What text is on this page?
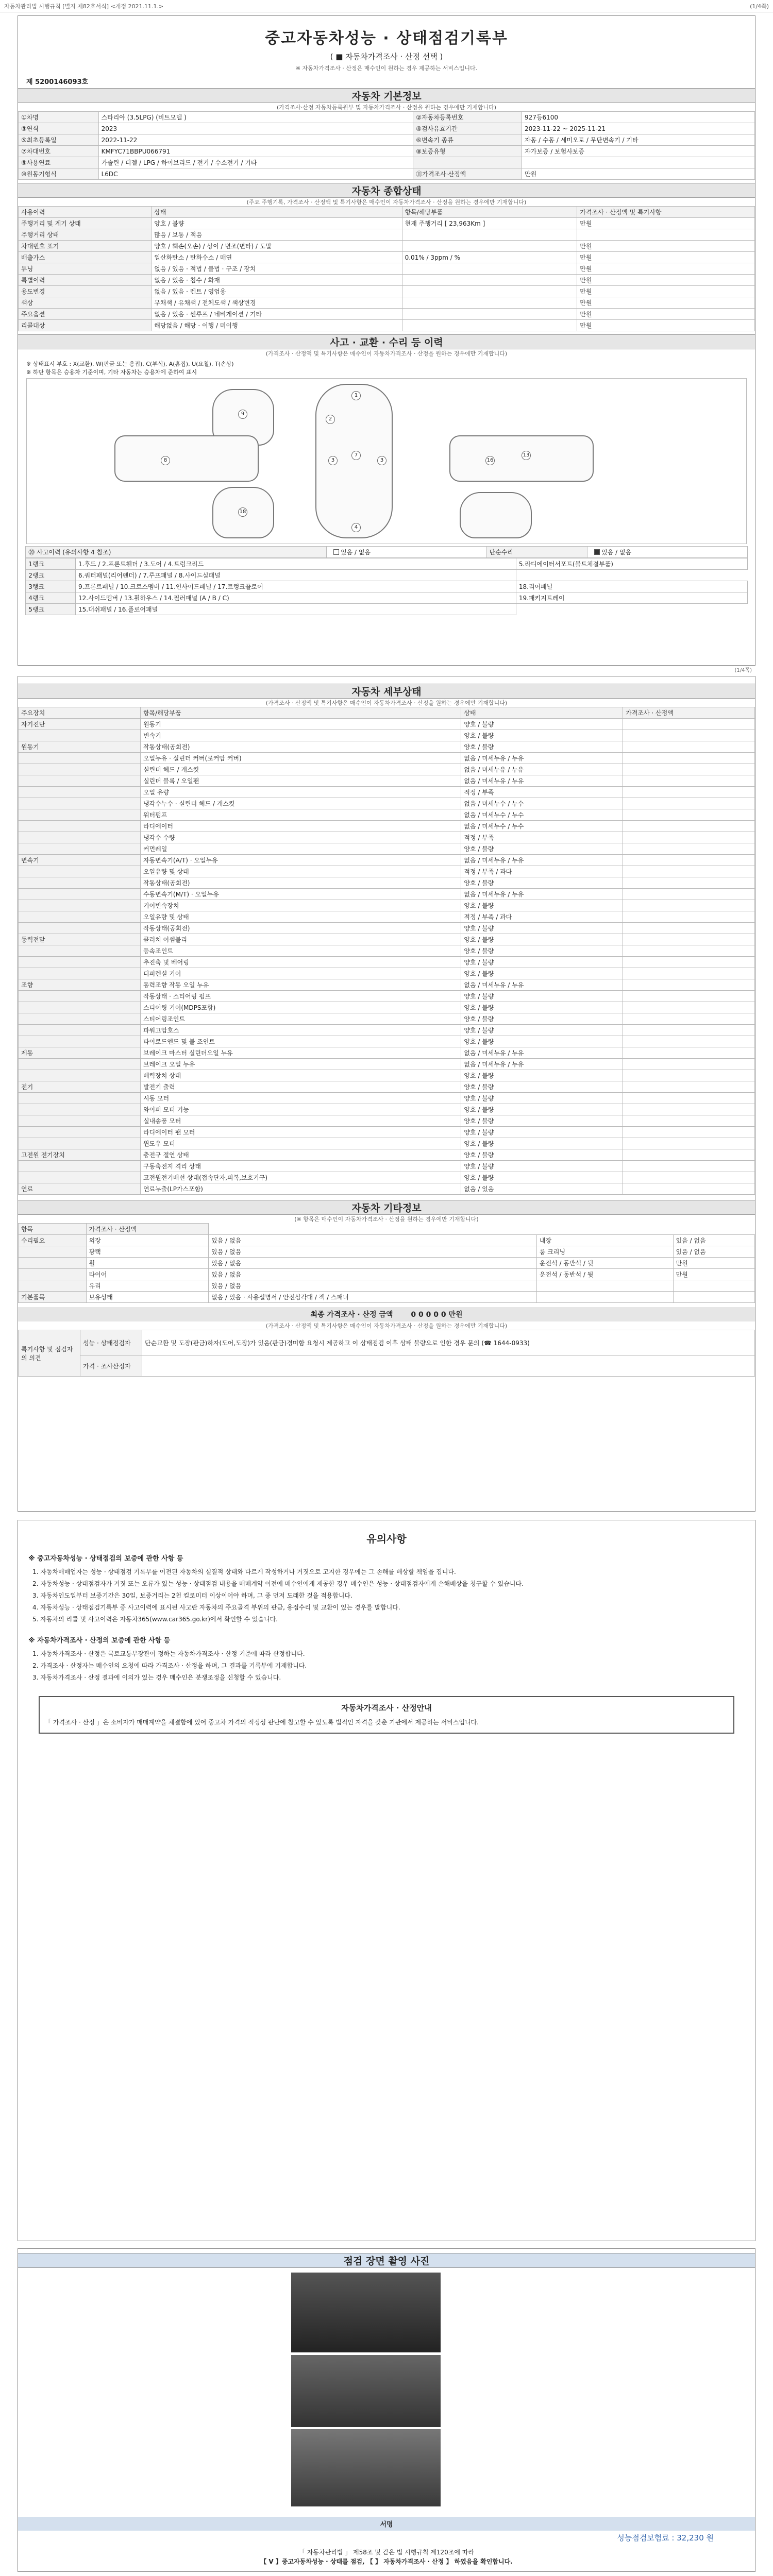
자동차관리법 시행규칙 [별지 제82호서식] <개정 2021.11.1.>	(1/4쪽)
중고자동차성능 · 상태점검기록부
( ■ 자동차가격조사 · 산정 선택 )
※ 자동차가격조사 · 산정은 매수인이 원하는 경우 제공하는 서비스입니다.
제 5200146093호
자동차 기본정보
(가격조사·산정 자동차등록원부 및 자동차가격조사 · 산정을 원하는 경우에만 기재합니다)
①차명	스타리아 (3.5LPG) (비트모델 )	②자동차등록번호	927등6100
③연식	2023	④검사유효기간	2023-11-22 ~ 2025-11-21
⑤최초등록일	2022-11-22	⑥변속기 종류	자동 / 수동 / 세미오토 / 무단변속기 / 기타
⑦차대번호	KMFYC71BBPU066791	⑧보증유형	자가보증 / 보험사보증
⑨사용연료	가솔린 / 디젤 / LPG / 하이브리드 / 전기 / 수소전기 / 기타		
⑩원동기형식	L6DC	⑪가격조사·산정액	만원
자동차 종합상태
(주요 주행기록, 가격조사 · 산정액 및 특기사항은 매수인이 자동차가격조사 · 산정을 원하는 경우에만 기재합니다)
사용이력	상태	항목/해당부품	가격조사 · 산정액 및 특기사항
주행거리 및 계기 상태	양호 / 불량	현재 주행거리 [ 23,963Km ]	만원
주행거리 상태	많음 / 보통 / 적음		
차대번호 표기	양호 / 훼손(오손) / 상이 / 변조(변타) / 도말		만원
배출가스	일산화탄소 / 탄화수소 / 매연	0.01% / 3ppm / %	만원
튜닝	없음 / 있음 · 적법 / 불법 · 구조 / 장치		만원
특별이력	없음 / 있음 · 침수 / 화재		만원
용도변경	없음 / 있음 · 렌트 / 영업용		만원
색상	무채색 / 유채색 / 전체도색 / 색상변경		만원
주요옵션	없음 / 있음 · 썬루프 / 네비게이션 / 기타		만원
리콜대상	해당없음 / 해당 · 이행 / 미이행		만원
사고 · 교환 · 수리 등 이력
(가격조사 · 산정액 및 특기사항은 매수인이 자동차가격조사 · 산정을 원하는 경우에만 기재합니다)
※ 상태표시 부호 : X(교환), W(판금 또는 용접), C(부식), A(흠집), U(요철), T(손상)
※ 하단 항목은 승용차 기준이며, 기타 자동차는 승용차에 준하여 표시
1
2
7
3	3
4
16
13
8
9
18
⑳ 사고이력 (유의사항 4 참조)	있음 / 없음	단순수리	있음 / 없음
1랭크	1.후드 / 2.프론트휀더 / 3.도어 / 4.트렁크리드	5.라디에이터서포트(볼트체결부품)
2랭크	6.쿼터패널(리어펜더) / 7.루프패널 / 8.사이드실패널	
3랭크	9.프론트패널 / 10.크로스멤버 / 11.인사이드패널 / 17.트렁크플로어	18.리어패널
4랭크	12.사이드멤버 / 13.휠하우스 / 14.필러패널 (A / B / C)	19.패키지트레이
5랭크	15.대쉬패널 / 16.플로어패널	
(1/4쪽)
자동차 세부상태
(가격조사 · 산정액 및 특기사항은 매수인이 자동차가격조사 · 산정을 원하는 경우에만 기재합니다)
주요장치	항목/해당부품	상태	가격조사 · 산정액
자기진단	원동기	양호 / 불량	
	변속기	양호 / 불량	
원동기	작동상태(공회전)	양호 / 불량	
	오일누유 · 실린더 커버(로커암 커버)	없음 / 미세누유 / 누유	
	실린더 헤드 / 개스킷	없음 / 미세누유 / 누유	
	실린더 블록 / 오일팬	없음 / 미세누유 / 누유	
	오일 유량	적정 / 부족	
	냉각수누수 · 실린더 헤드 / 개스킷	없음 / 미세누수 / 누수	
	워터펌프	없음 / 미세누수 / 누수	
	라디에이터	없음 / 미세누수 / 누수	
	냉각수 수량	적정 / 부족	
	커먼레일	양호 / 불량	
변속기	자동변속기(A/T) · 오일누유	없음 / 미세누유 / 누유	
	오일유량 및 상태	적정 / 부족 / 과다	
	작동상태(공회전)	양호 / 불량	
	수동변속기(M/T) · 오일누유	없음 / 미세누유 / 누유	
	기어변속장치	양호 / 불량	
	오일유량 및 상태	적정 / 부족 / 과다	
	작동상태(공회전)	양호 / 불량	
동력전달	클러치 어셈블리	양호 / 불량	
	등속조인트	양호 / 불량	
	추진축 및 베어링	양호 / 불량	
	디퍼렌셜 기어	양호 / 불량	
조향	동력조향 작동 오일 누유	없음 / 미세누유 / 누유	
	작동상태 · 스티어링 펌프	양호 / 불량	
	스티어링 기어(MDPS포함)	양호 / 불량	
	스티어링조인트	양호 / 불량	
	파워고압호스	양호 / 불량	
	타이로드엔드 및 볼 조인트	양호 / 불량	
제동	브레이크 마스터 실린더오일 누유	없음 / 미세누유 / 누유	
	브레이크 오일 누유	없음 / 미세누유 / 누유	
	배력장치 상태	양호 / 불량	
전기	발전기 출력	양호 / 불량	
	시동 모터	양호 / 불량	
	와이퍼 모터 기능	양호 / 불량	
	실내송풍 모터	양호 / 불량	
	라디에이터 팬 모터	양호 / 불량	
	윈도우 모터	양호 / 불량	
고전원 전기장치	충전구 절연 상태	양호 / 불량	
	구동축전지 격리 상태	양호 / 불량	
	고전원전기배선 상태(접속단자,피복,보호기구)	양호 / 불량	
연료	연료누출(LP가스포함)	없음 / 있음	
자동차 기타정보
(※ 항목은 매수인이 자동차가격조사 · 산정을 원하는 경우에만 기재합니다)
항목	가격조사 · 산정액			
수리필요	외장	있음 / 없음	내장	있음 / 없음
	광택	있음 / 없음	룸 크리닝	있음 / 없음
	휠	있음 / 없음	운전석 / 동반석 / 뒷	만원
	타이어	있음 / 없음	운전석 / 동반석 / 뒷	만원
	유리	있음 / 없음		
기본품목	보유상태	없음 / 있음 · 사용설명서 / 안전삼각대 / 잭 / 스패너		
최종 가격조사 · 산정 금액 0 0 0 0 0 만원
(가격조사 · 산정액 및 특기사항은 매수인이 자동차가격조사 · 산정을 원하는 경우에만 기재합니다)
특기사항 및 점검자의 의견	성능 · 상태점검자	단순교환 및 도장(판금)하자(도어,도장)가 있음(판금)경미함 요청시 제공하고 이 상태점검 이후 상태 불량으로 인한 경우 문의 (☎ 1644-0933)
	가격 · 조사산정자	
유의사항
※ 중고자동차성능 · 상태점검의 보증에 관한 사항 등

1. 자동차매매업자는 성능 · 상태점검 기록부를 이전된 자동차의 실질적 상태와 다르게 작성하거나 거짓으로 고지한 경우에는 그 손해를 배상할 책임을 집니다.

2. 자동차성능 · 상태점검자가 거짓 또는 오류가 있는 성능 · 상태점검 내용을 매매계약 이전에 매수인에게 제공한 경우 매수인은 성능 · 상태점검자에게 손해배상을 청구할 수 있습니다.

3. 자동차인도일부터 보증기간은 30일, 보증거리는 2천 킬로미터 이상이어야 하며, 그 중 먼저 도래한 것을 적용합니다.

4. 자동차성능 · 상태점검기록부 중 사고이력에 표시된 사고란 자동차의 주요골격 부위의 판금, 용접수리 및 교환이 있는 경우를 말합니다.

5. 자동차의 리콜 및 사고이력은 자동차365(www.car365.go.kr)에서 확인할 수 있습니다.

※ 자동차가격조사 · 산정의 보증에 관한 사항 등

1. 자동차가격조사 · 산정은 국토교통부장관이 정하는 자동차가격조사 · 산정 기준에 따라 산정합니다.

2. 가격조사 · 산정자는 매수인의 요청에 따라 가격조사 · 산정을 하며, 그 결과를 기록부에 기재합니다.

3. 자동차가격조사 · 산정 결과에 이의가 있는 경우 매수인은 분쟁조정을 신청할 수 있습니다.

자동차가격조사 · 산정안내
「 가격조사 · 산정 」은 소비자가 매매계약을 체결함에 있어 중고차 가격의 적정성 판단에 참고할 수 있도록 법적인 자격을 갖춘 기관에서 제공하는 서비스입니다.
점검 장면 촬영 사진
서명
성능점검보험료 : 32,230 원
「 자동차관리법 」 제58조 및 같은 법 시행규칙 제120조에 따라
【 V 】중고자동차성능 · 상태를 점검, 【 】 자동차가격조사 · 산정 】 하였음을 확인합니다.
